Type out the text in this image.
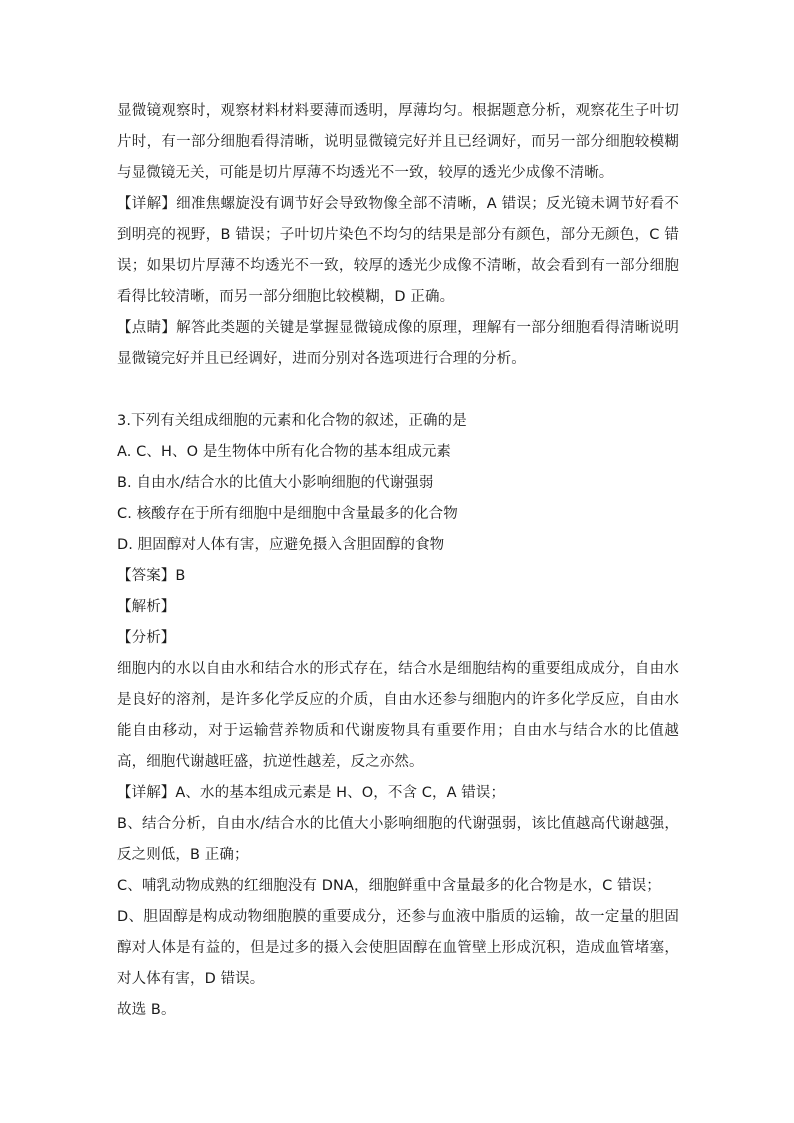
显微镜观察时，观察材料材料要薄而透明，厚薄均匀。根据题意分析，观察花生子叶切片时，有一部分细胞看得清晰，说明显微镜完好并且已经调好，而另一部分细胞较模糊与显微镜无关，可能是切片厚薄不均透光不一致，较厚的透光少成像不清晰。

【详解】细准焦螺旋没有调节好会导致物像全部不清晰，A 错误；反光镜未调节好看不到明亮的视野，B 错误；子叶切片染色不均匀的结果是部分有颜色，部分无颜色，C 错误；如果切片厚薄不均透光不一致，较厚的透光少成像不清晰，故会看到有一部分细胞看得比较清晰，而另一部分细胞比较模糊，D 正确。

【点睛】解答此类题的关键是掌握显微镜成像的原理，理解有一部分细胞看得清晰说明显微镜完好并且已经调好，进而分别对各选项进行合理的分析。

3.下列有关组成细胞的元素和化合物的叙述，正确的是

A. C、H、O 是生物体中所有化合物的基本组成元素

B. 自由水/结合水的比值大小影响细胞的代谢强弱

C. 核酸存在于所有细胞中是细胞中含量最多的化合物

D. 胆固醇对人体有害，应避免摄入含胆固醇的食物

【答案】B

【解析】

【分析】

细胞内的水以自由水和结合水的形式存在，结合水是细胞结构的重要组成成分，自由水是良好的溶剂，是许多化学反应的介质，自由水还参与细胞内的许多化学反应，自由水能自由移动，对于运输营养物质和代谢废物具有重要作用；自由水与结合水的比值越高，细胞代谢越旺盛，抗逆性越差，反之亦然。

【详解】A、水的基本组成元素是 H、O，不含 C，A 错误；

B、结合分析，自由水/结合水的比值大小影响细胞的代谢强弱，该比值越高代谢越强，反之则低，B 正确；

C、哺乳动物成熟的红细胞没有 DNA，细胞鲜重中含量最多的化合物是水，C 错误；

D、胆固醇是构成动物细胞膜的重要成分，还参与血液中脂质的运输，故一定量的胆固醇对人体是有益的，但是过多的摄入会使胆固醇在血管壁上形成沉积，造成血管堵塞，对人体有害，D 错误。

故选 B。
